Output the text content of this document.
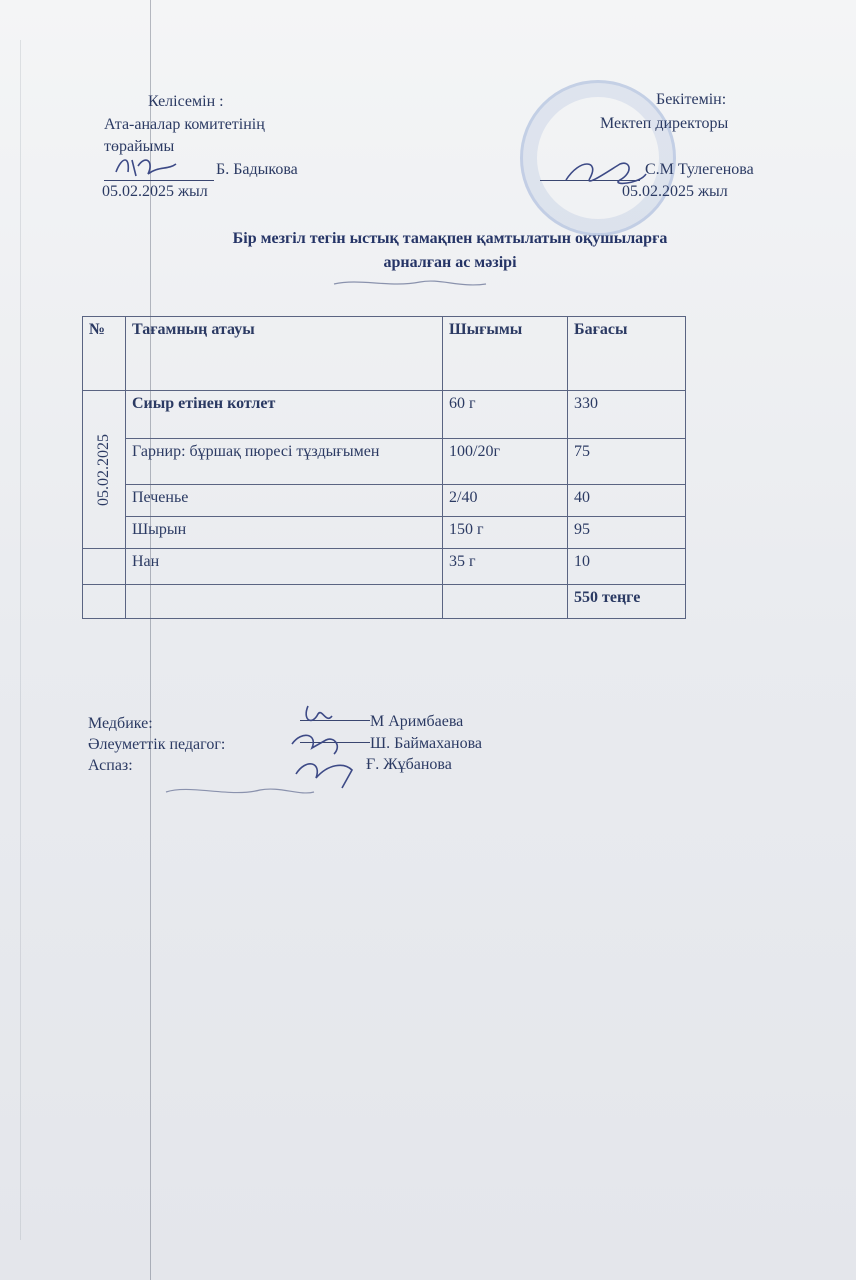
Келісемін :
Ата-аналар комитетінің
төрайымы
Б. Бадыкова
05.02.2025 жыл
Бекітемін:
Мектеп директоры
С.М Тулегенова
05.02.2025 жыл
Бір мезгіл тегін ыстық тамақпен қамтылатын оқушыларға
арналған ас мәзірі
№	Тағамның атауы	Шығымы	Бағасы

05.02.2025	Сиыр етінен котлет	60 г	330
	Гарнир: бұршақ пюресі тұздығымен	100/20г	75
	Печенье	2/40	40
	Шырын	150 г	95
	Нан	35 г	10
			550 теңге
Медбике:	М Аримбаева
Әлеуметтік педагог:	Ш. Баймаханова
Аспаз:	Ғ. Жұбанова
